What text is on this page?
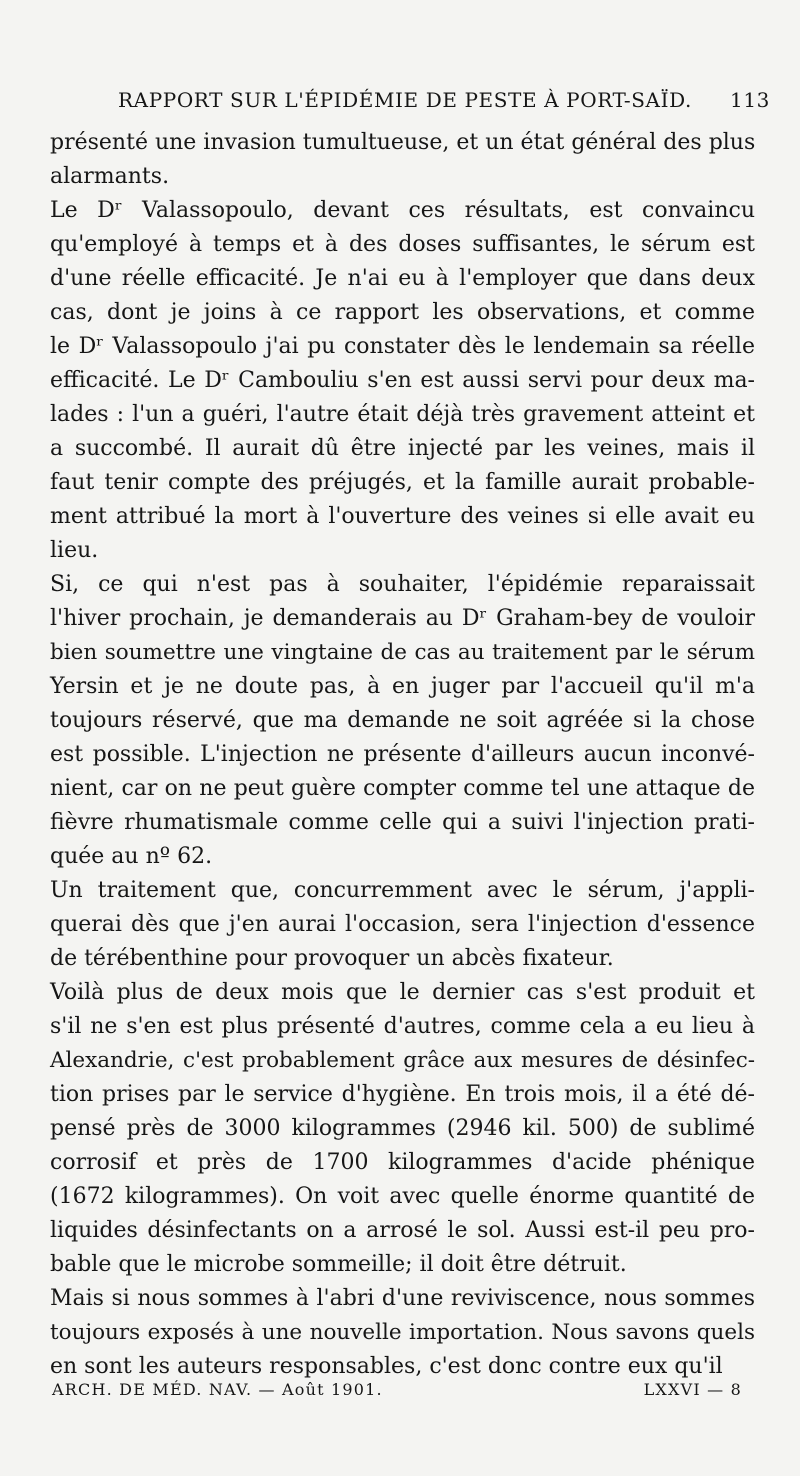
RAPPORT SUR L'ÉPIDÉMIE DE PESTE À PORT-SAÏD. 113
présenté une invasion tumultueuse, et un état général des plus
alarmants.
Le Dʳ Valassopoulo, devant ces résultats, est convaincu
qu'employé à temps et à des doses suffisantes, le sérum est
d'une réelle efficacité. Je n'ai eu à l'employer que dans deux
cas, dont je joins à ce rapport les observations, et comme
le Dʳ Valassopoulo j'ai pu constater dès le lendemain sa réelle
efficacité. Le Dʳ Cambouliu s'en est aussi servi pour deux ma-
lades : l'un a guéri, l'autre était déjà très gravement atteint et
a succombé. Il aurait dû être injecté par les veines, mais il
faut tenir compte des préjugés, et la famille aurait probable-
ment attribué la mort à l'ouverture des veines si elle avait eu
lieu.
Si, ce qui n'est pas à souhaiter, l'épidémie reparaissait
l'hiver prochain, je demanderais au Dʳ Graham-bey de vouloir
bien soumettre une vingtaine de cas au traitement par le sérum
Yersin et je ne doute pas, à en juger par l'accueil qu'il m'a
toujours réservé, que ma demande ne soit agréée si la chose
est possible. L'injection ne présente d'ailleurs aucun inconvé-
nient, car on ne peut guère compter comme tel une attaque de
fièvre rhumatismale comme celle qui a suivi l'injection prati-
quée au nº 62.
Un traitement que, concurremment avec le sérum, j'appli-
querai dès que j'en aurai l'occasion, sera l'injection d'essence
de térébenthine pour provoquer un abcès fixateur.
Voilà plus de deux mois que le dernier cas s'est produit et
s'il ne s'en est plus présenté d'autres, comme cela a eu lieu à
Alexandrie, c'est probablement grâce aux mesures de désinfec-
tion prises par le service d'hygiène. En trois mois, il a été dé-
pensé près de 3000 kilogrammes (2946 kil. 500) de sublimé
corrosif et près de 1700 kilogrammes d'acide phénique
(1672 kilogrammes). On voit avec quelle énorme quantité de
liquides désinfectants on a arrosé le sol. Aussi est-il peu pro-
bable que le microbe sommeille; il doit être détruit.
Mais si nous sommes à l'abri d'une reviviscence, nous sommes
toujours exposés à une nouvelle importation. Nous savons quels
en sont les auteurs responsables, c'est donc contre eux qu'il
ARCH. DE MÉD. NAV. — Août 1901.	LXXVI — 8
